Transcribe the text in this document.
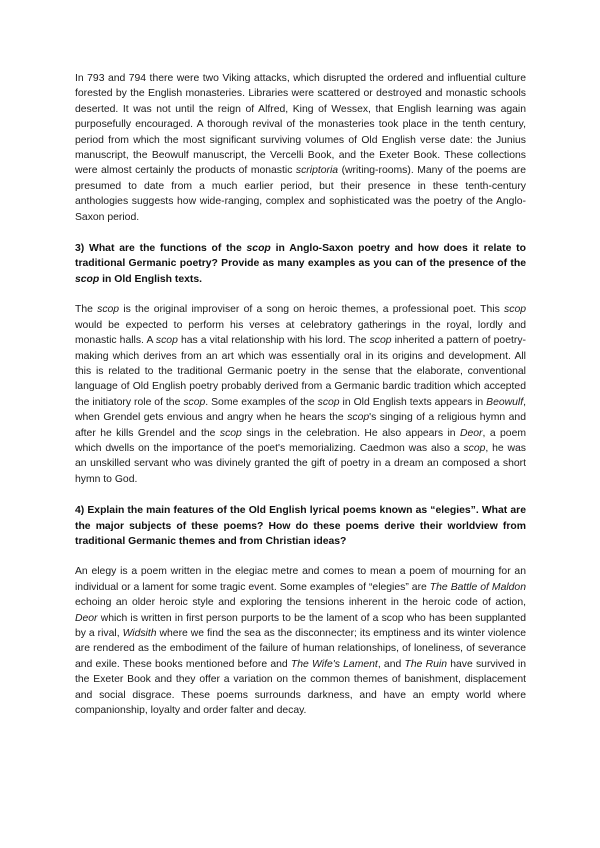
In 793 and 794 there were two Viking attacks, which disrupted the ordered and influential culture forested by the English monasteries. Libraries were scattered or destroyed and monastic schools deserted. It was not until the reign of Alfred, King of Wessex, that English learning was again purposefully encouraged. A thorough revival of the monasteries took place in the tenth century, period from which the most significant surviving volumes of Old English verse date: the Junius manuscript, the Beowulf manuscript, the Vercelli Book, and the Exeter Book. These collections were almost certainly the products of monastic scriptoria (writing-rooms). Many of the poems are presumed to date from a much earlier period, but their presence in these tenth-century anthologies suggests how wide-ranging, complex and sophisticated was the poetry of the Anglo-Saxon period.

3) What are the functions of the scop in Anglo-Saxon poetry and how does it relate to traditional Germanic poetry? Provide as many examples as you can of the presence of the scop in Old English texts.

The scop is the original improviser of a song on heroic themes, a professional poet. This scop would be expected to perform his verses at celebratory gatherings in the royal, lordly and monastic halls. A scop has a vital relationship with his lord. The scop inherited a pattern of poetry-making which derives from an art which was essentially oral in its origins and development. All this is related to the traditional Germanic poetry in the sense that the elaborate, conventional language of Old English poetry probably derived from a Germanic bardic tradition which accepted the initiatory role of the scop. Some examples of the scop in Old English texts appears in Beowulf, when Grendel gets envious and angry when he hears the scop's singing of a religious hymn and after he kills Grendel and the scop sings in the celebration. He also appears in Deor, a poem which dwells on the importance of the poet's memorializing. Caedmon was also a scop, he was an unskilled servant who was divinely granted the gift of poetry in a dream an composed a short hymn to God.

4) Explain the main features of the Old English lyrical poems known as “elegies”. What are the major subjects of these poems? How do these poems derive their worldview from traditional Germanic themes and from Christian ideas?

An elegy is a poem written in the elegiac metre and comes to mean a poem of mourning for an individual or a lament for some tragic event. Some examples of “elegies” are The Battle of Maldon echoing an older heroic style and exploring the tensions inherent in the heroic code of action, Deor which is written in first person purports to be the lament of a scop who has been supplanted by a rival, Widsith where we find the sea as the disconnecter; its emptiness and its winter violence are rendered as the embodiment of the failure of human relationships, of loneliness, of severance and exile. These books mentioned before and The Wife's Lament, and The Ruin have survived in the Exeter Book and they offer a variation on the common themes of banishment, displacement and social disgrace. These poems surrounds darkness, and have an empty world where companionship, loyalty and order falter and decay.
